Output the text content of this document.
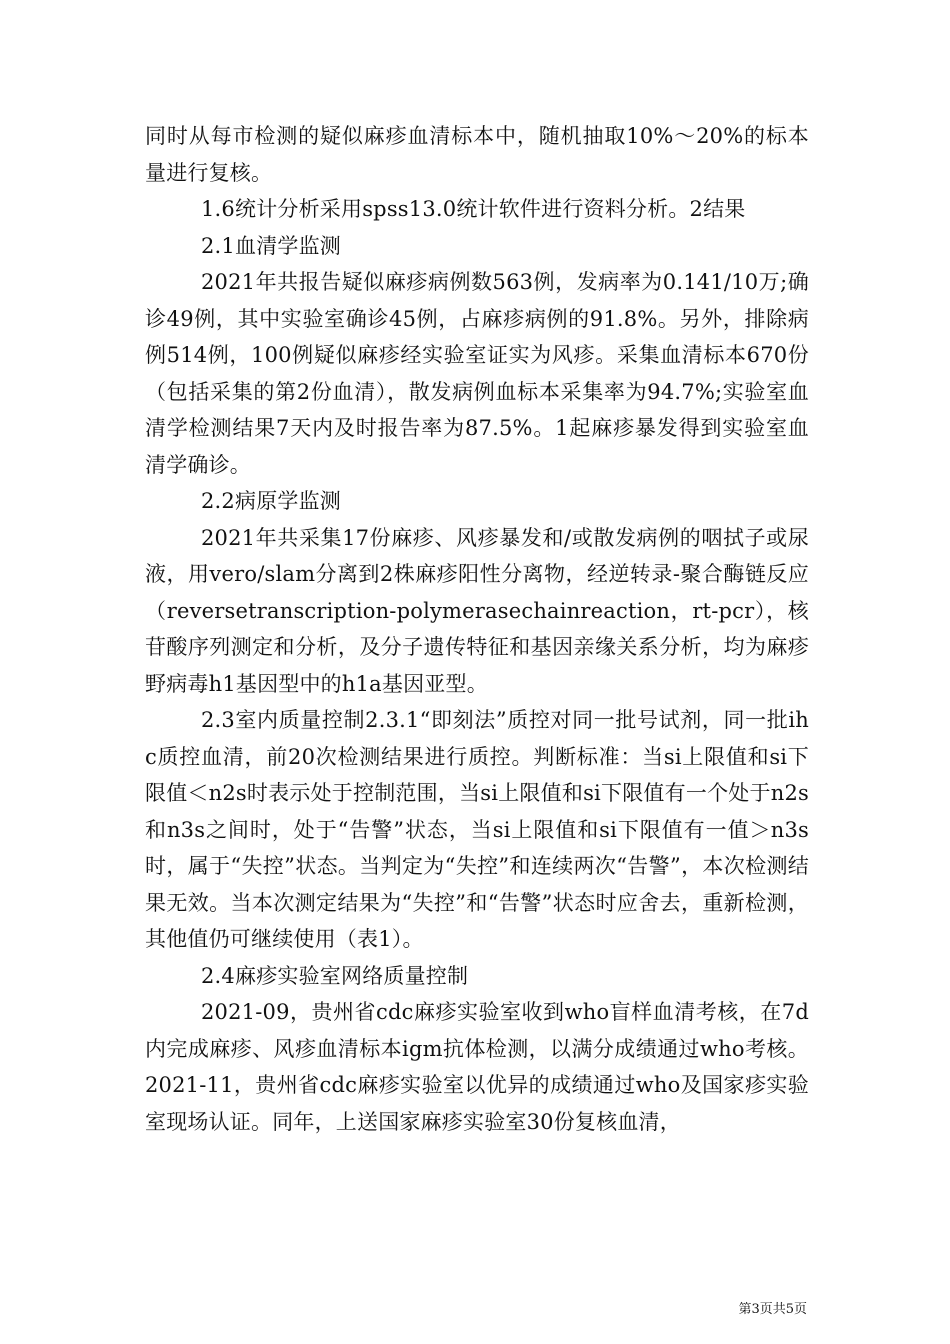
同时从每市检测的疑似麻疹血清标本中，随机抽取10%～20%的标本量进行复核。

1.6统计分析采用spss13.0统计软件进行资料分析。2结果

2.1血清学监测

2021年共报告疑似麻疹病例数563例，发病率为0.141/10万;确诊49例，其中实验室确诊45例，占麻疹病例的91.8%。另外，排除病例514例，100例疑似麻疹经实验室证实为风疹。采集血清标本670份（包括采集的第2份血清），散发病例血标本采集率为94.7%;实验室血清学检测结果7天内及时报告率为87.5%。1起麻疹暴发得到实验室血清学确诊。

2.2病原学监测

2021年共采集17份麻疹、风疹暴发和/或散发病例的咽拭子或尿液，用vero/slam分离到2株麻疹阳性分离物，经逆转录-聚合酶链反应（reversetranscription-polymerasechainreaction，rt-pcr），核苷酸序列测定和分析，及分子遗传特征和基因亲缘关系分析，均为麻疹野病毒h1基因型中的h1a基因亚型。

2.3室内质量控制2.3.1“即刻法”质控对同一批号试剂，同一批ihc质控血清，前20次检测结果进行质控。判断标准：当si上限值和si下限值＜n2s时表示处于控制范围，当si上限值和si下限值有一个处于n2s和n3s之间时，处于“告警”状态，当si上限值和si下限值有一值＞n3s时，属于“失控”状态。当判定为“失控”和连续两次“告警”，本次检测结果无效。当本次测定结果为“失控”和“告警”状态时应舍去，重新检测，其他值仍可继续使用（表1）。

2.4麻疹实验室网络质量控制

2021-09，贵州省cdc麻疹实验室收到who盲样血清考核，在7d内完成麻疹、风疹血清标本igm抗体检测，以满分成绩通过who考核。2021-11，贵州省cdc麻疹实验室以优异的成绩通过who及国家疹实验室现场认证。同年，上送国家麻疹实验室30份复核血清，

第3页共5页
